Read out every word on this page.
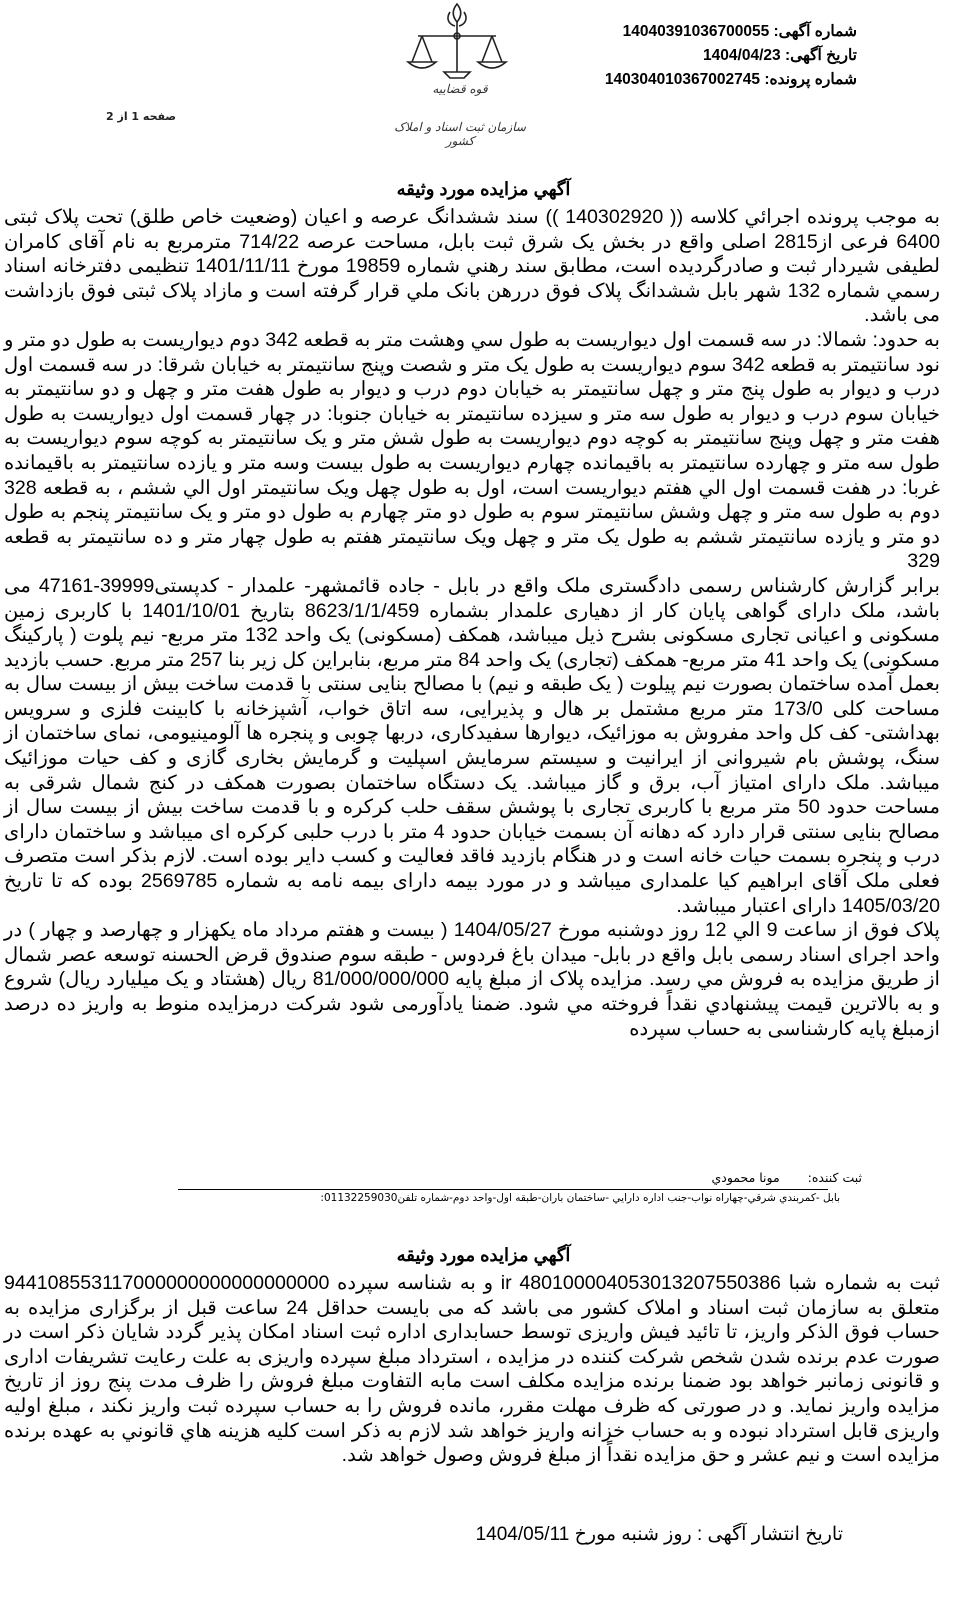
شماره آگهی: 14040391036700055
تاریخ آگهی: 1404/04/23
شماره پرونده: 140304010367002745
قوه قضاییه
سازمان ثبت اسناد و املاک کشور
صفحه 1 از 2
آگهي مزايده مورد وثيقه
به موجب پرونده اجرائي كلاسه (( 140302920 )) سند ششدانگ عرصه و اعيان (وضعيت خاص طلق) تحت پلاک ثبتی 6400 فرعی از2815 اصلی واقع در بخش يک شرق ثبت بابل، مساحت عرصه 714/22 مترمربع به نام آقای کامران لطیفی شیردار ثبت و صادرگرديده است، مطابق سند رهني شماره 19859 مورخ 1401/11/11 تنظيمی دفترخانه اسناد رسمي شماره 132 شهر بابل ششدانگ پلاک فوق دررهن بانک ملي قرار گرفته است و مازاد پلاک ثبتی فوق بازداشت می باشد.
به حدود: شمالا: در سه قسمت اول ديواريست به طول سي وهشت متر به قطعه 342 دوم ديواريست به طول دو متر و نود سانتيمتر به قطعه 342 سوم ديواريست به طول يک متر و شصت وپنج سانتيمتر به خيابان شرقا: در سه قسمت اول درب و ديوار به طول پنج متر و چهل سانتيمتر به خيابان دوم درب و ديوار به طول هفت متر و چهل و دو سانتيمتر به خيابان سوم درب و ديوار به طول سه متر و سيزده سانتيمتر به خيابان جنوبا: در چهار قسمت اول ديواريست به طول هفت متر و چهل وپنج سانتيمتر به كوچه دوم ديواريست به طول شش متر و يک سانتيمتر به كوچه سوم ديواريست به طول سه متر و چهارده سانتيمتر به باقيمانده چهارم ديواريست به طول بيست وسه متر و يازده سانتيمتر به باقيمانده غربا: در هفت قسمت اول الي هفتم ديواريست است، اول به طول چهل ويک سانتيمتر اول الي ششم ، به قطعه 328 دوم به طول سه متر و چهل وشش سانتيمتر سوم به طول دو متر چهارم به طول دو متر و يک سانتيمتر پنجم به طول دو متر و يازده سانتيمتر ششم به طول يک متر و چهل ويک سانتيمتر هفتم به طول چهار متر و ده سانتيمتر به قطعه 329
برابر گزارش کارشناس رسمی دادگستری ملک واقع در بابل - جاده قائمشهر- علمدار - کدپستی39999-47161 می باشد، ملک دارای گواهی پایان کار از دهیاری علمدار بشماره 8623/1/1/459 بتاریخ 1401/10/01 با کاربری زمین مسکونی و اعیانی تجاری مسکونی بشرح ذیل میباشد، همکف (مسکونی) یک واحد 132 متر مربع- نیم پلوت ( پارکینگ مسکونی) یک واحد 41 متر مربع- همکف (تجاری) یک واحد 84 متر مربع، بنابراین کل زیر بنا 257 متر مربع. حسب بازدید بعمل آمده ساختمان بصورت نیم پیلوت ( یک طبقه و نیم) با مصالح بنایی سنتی با قدمت ساخت بیش از بیست سال به مساحت کلی 173/0 متر مربع مشتمل بر هال و پذیرایی، سه اتاق خواب، آشپزخانه با کابینت فلزی و سرویس بهداشتی- کف کل واحد مفروش به موزائیک، دیوارها سفیدکاری، دربها چوبی و پنجره ها آلومینیومی، نمای ساختمان از سنگ، پوشش بام شیروانی از ایرانیت و سیستم سرمایش اسپلیت و گرمایش بخاری گازی و کف حیات موزائیک میباشد. ملک دارای امتیاز آب، برق و گاز میباشد. یک دستگاه ساختمان بصورت همکف در کنج شمال شرقی به مساحت حدود 50 متر مربع با کاربری تجاری با پوشش سقف حلب کرکره و با قدمت ساخت بیش از بیست سال از مصالح بنایی سنتی قرار دارد که دهانه آن بسمت خیابان حدود 4 متر با درب حلبی کرکره ای میباشد و ساختمان دارای درب و پنجره بسمت حیات خانه است و در هنگام بازدید فاقد فعالیت و کسب دایر بوده است. لازم بذکر است متصرف فعلی ملک آقای ابراهیم کیا علمداری میباشد و در مورد بیمه دارای بیمه نامه به شماره 2569785 بوده که تا تاریخ 1405/03/20 دارای اعتبار میباشد.
پلاک فوق از ساعت 9 الي 12 روز دوشنبه مورخ 1404/05/27 ( بيست و هفتم مرداد ماه يكهزار و چهارصد و چهار ) در واحد اجرای اسناد رسمی بابل واقع در بابل- میدان باغ فردوس - طبقه سوم صندوق قرض الحسنه توسعه عصر شمال از طريق مزايده به فروش مي رسد. مزايده پلاک از مبلغ پايه 81/000/000/000 ريال (هشتاد و يک ميليارد ريال) شروع و به بالاترين قيمت پيشنهادي نقداً فروخته مي شود. ضمنا يادآورمی شود شرکت درمزایده منوط به واریز ده درصد ازمبلغ پایه کارشناسی به حساب سپرده
ثبت کننده: مونا محمودي
بابل -كمربندي شرقي-چهاراه نواب-جنب اداره دارايي -ساختمان باران-طبقه اول-واحد دوم-شماره تلفن01132259030:
آگهي مزايده مورد وثيقه
ثبت به شماره شبا ir 480100004053013207550386 و به شناسه سپرده 944108553117000000000000000000 متعلق به سازمان ثبت اسناد و املاک کشور می باشد که می بایست حداقل 24 ساعت قبل از برگزاری مزایده به حساب فوق الذکر واریز، تا تائید فیش واریزی توسط حسابداری اداره ثبت اسناد امکان پذیر گردد شایان ذکر است در صورت عدم برنده شدن شخص شرکت کننده در مزایده ، استرداد مبلغ سپرده واریزی به علت رعایت تشریفات اداری و قانونی زمانبر خواهد بود ضمنا برنده مزایده مکلف است مابه التفاوت مبلغ فروش را ظرف مدت پنج روز از تاریخ مزایده واریز نماید. و در صورتی که ظرف مهلت مقرر، مانده فروش را به حساب سپرده ثبت واریز نکند ، مبلغ اولیه واریزی قابل استرداد نبوده و به حساب خزانه واریز خواهد شد لازم به ذکر است کلیه هزینه هاي قانوني به عهده برنده مزايده است و نيم عشر و حق مزايده نقداً از مبلغ فروش وصول خواهد شد.
تاریخ انتشار آگهی : روز شنبه مورخ 1404/05/11
